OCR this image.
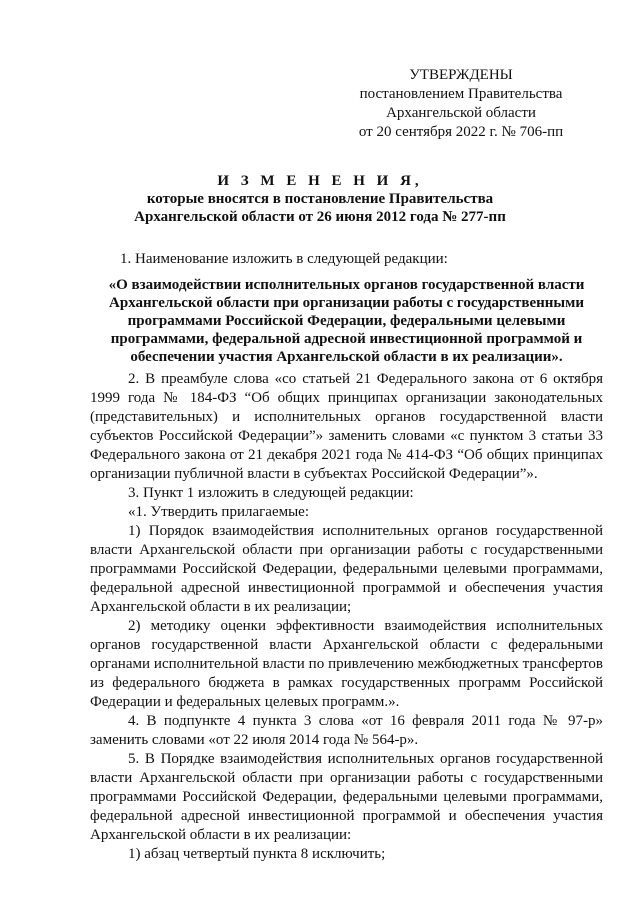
УТВЕРЖДЕНЫ
постановлением Правительства
Архангельской области
от 20 сентября 2022 г. № 706-пп
И З М Е Н Е Н И Я,
которые вносятся в постановление Правительства
Архангельской области от 26 июня 2012 года № 277-пп

1. Наименование изложить в следующей редакции:

«О взаимодействии исполнительных органов государственной власти Архангельской области при организации работы с государственными программами Российской Федерации, федеральными целевыми программами, федеральной адресной инвестиционной программой и обеспечении участия Архангельской области в их реализации».

2. В преамбуле слова «со статьей 21 Федерального закона от 6 октября 1999 года № 184-ФЗ “Об общих принципах организации законодательных (представительных) и исполнительных органов государственной власти субъектов Российской Федерации”» заменить словами «с пунктом 3 статьи 33 Федерального закона от 21 декабря 2021 года № 414-ФЗ “Об общих принципах организации публичной власти в субъектах Российской Федерации”».

3. Пункт 1 изложить в следующей редакции:

«1. Утвердить прилагаемые:

1) Порядок взаимодействия исполнительных органов государственной власти Архангельской области при организации работы с государственными программами Российской Федерации, федеральными целевыми программами, федеральной адресной инвестиционной программой и обеспечения участия Архангельской области в их реализации;

2) методику оценки эффективности взаимодействия исполнительных органов государственной власти Архангельской области с федеральными органами исполнительной власти по привлечению межбюджетных трансфертов из федерального бюджета в рамках государственных программ Российской Федерации и федеральных целевых программ.».

4. В подпункте 4 пункта 3 слова «от 16 февраля 2011 года № 97-р» заменить словами «от 22 июля 2014 года № 564-р».

5. В Порядке взаимодействия исполнительных органов государственной власти Архангельской области при организации работы с государственными программами Российской Федерации, федеральными целевыми программами, федеральной адресной инвестиционной программой и обеспечения участия Архангельской области в их реализации:

1) абзац четвертый пункта 8 исключить;
